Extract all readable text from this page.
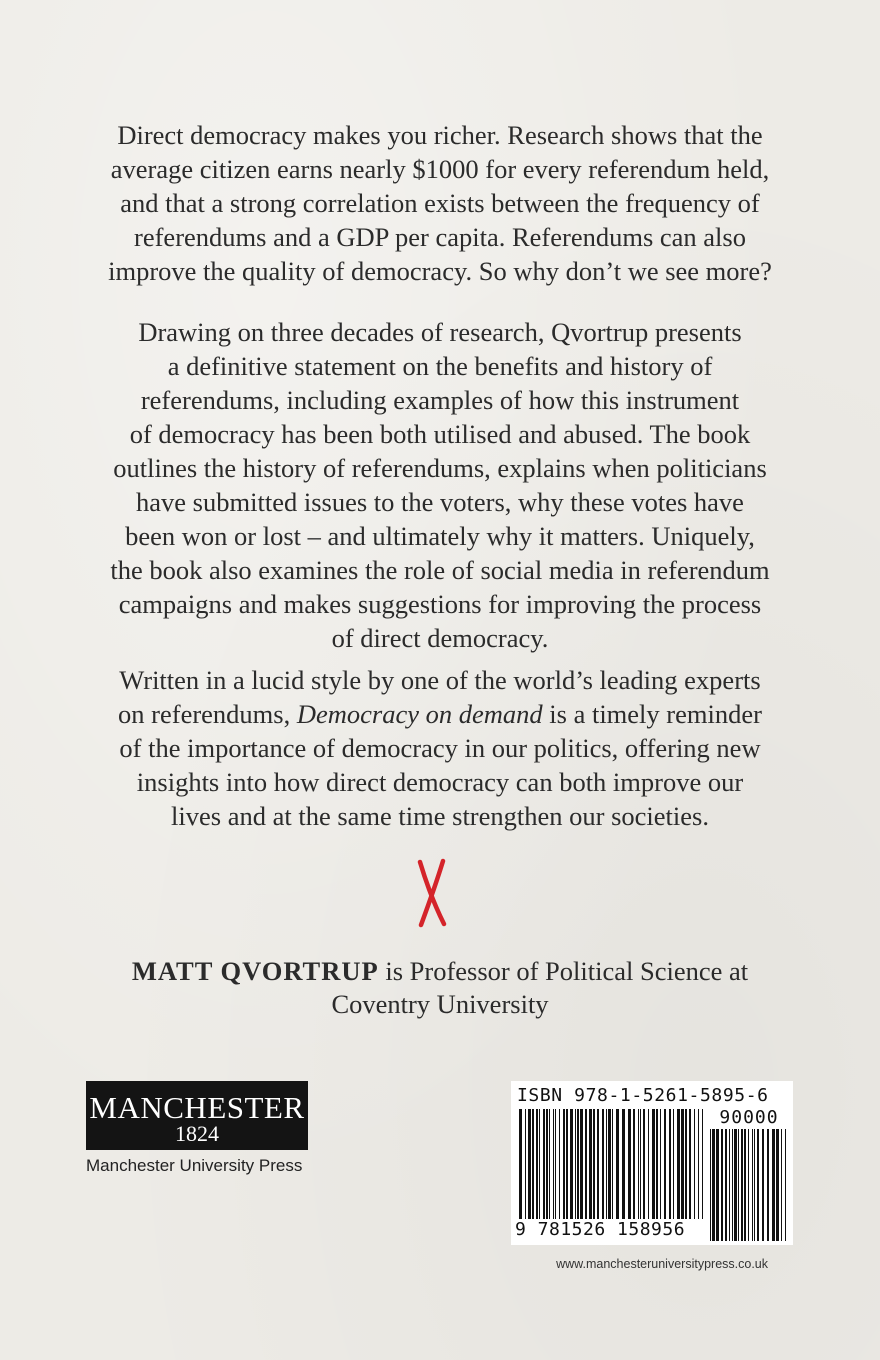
Direct democracy makes you richer. Research shows that the
average citizen earns nearly $1000 for every referendum held,
and that a strong correlation exists between the frequency of
referendums and a GDP per capita. Referendums can also
improve the quality of democracy. So why don’t we see more?

Drawing on three decades of research, Qvortrup presents
a definitive statement on the benefits and history of
referendums, including examples of how this instrument
of democracy has been both utilised and abused. The book
outlines the history of referendums, explains when politicians
have submitted issues to the voters, why these votes have
been won or lost – and ultimately why it matters. Uniquely,
the book also examines the role of social media in referendum
campaigns and makes suggestions for improving the process
of direct democracy.

Written in a lucid style by one of the world’s leading experts
on referendums, Democracy on demand is a timely reminder
of the importance of democracy in our politics, offering new
insights into how direct democracy can both improve our
lives and at the same time strengthen our societies.

MATT QVORTRUP is Professor of Political Science at
Coventry University

MANCHESTER
1824
Manchester University Press
ISBN 978-1-5261-5895-6
90000
9 781526 158956
www.manchesteruniversitypress.co.uk
